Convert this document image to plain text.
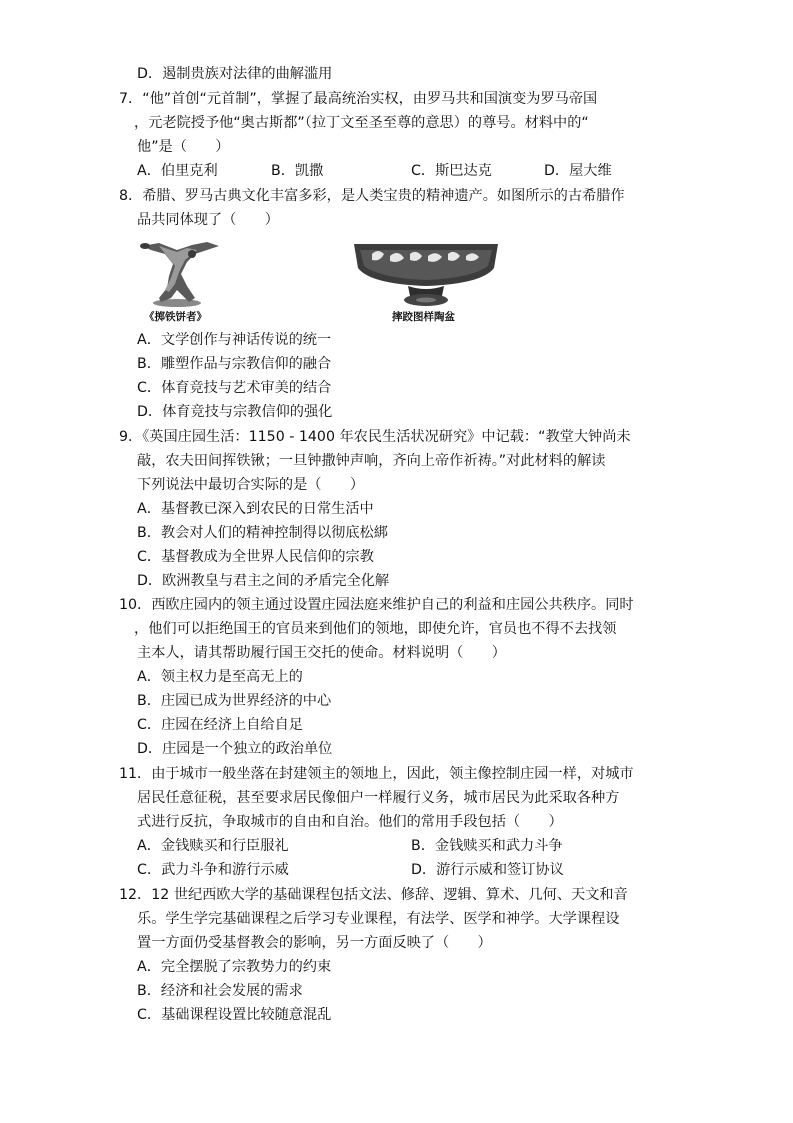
D．遏制贵族对法律的曲解滥用
7．“他”首创“元首制”，掌握了最高统治实权，由罗马共和国演变为罗马帝国
，元老院授予他“奥古斯都”（拉丁文至圣至尊的意思）的尊号。材料中的“
他”是（　　）
A．伯里克利	B．凯撒	C．斯巴达克	D．屋大维
8．希腊、罗马古典文化丰富多彩，是人类宝贵的精神遗产。如图所示的古希腊作
品共同体现了（　　）
《掷铁饼者》	摔跤图样陶盆
A．文学创作与神话传说的统一
B．雕塑作品与宗教信仰的融合
C．体育竞技与艺术审美的结合
D．体育竞技与宗教信仰的强化
9．《英国庄园生活：1150 - 1400 年农民生活状况研究》中记载：“教堂大钟尚未
敲，农夫田间挥铁锹；一旦钟撒钟声响，齐向上帝作祈祷。”对此材料的解读
下列说法中最切合实际的是（　　）
A．基督教已深入到农民的日常生活中
B．教会对人们的精神控制得以彻底松綁
C．基督教成为全世界人民信仰的宗教
D．欧洲教皇与君主之间的矛盾完全化解
10．西欧庄园内的领主通过设置庄园法庭来维护自己的利益和庄园公共秩序。同时
，他们可以拒绝国王的官员来到他们的领地，即使允许，官员也不得不去找领
主本人，请其帮助履行国王交托的使命。材料说明（　　）
A．领主权力是至高无上的
B．庄园已成为世界经济的中心
C．庄园在经济上自给自足
D．庄园是一个独立的政治单位
11．由于城市一般坐落在封建领主的领地上，因此，领主像控制庄园一样，对城市
居民任意征税，甚至要求居民像佃户一样履行义务，城市居民为此采取各种方
式进行反抗，争取城市的自由和自治。他们的常用手段包括（　　）
A．金钱赎买和行臣服礼	B．金钱赎买和武力斗争
C．武力斗争和游行示威	D．游行示威和签订协议
12．12 世纪西欧大学的基础课程包括文法、修辞、逻辑、算术、几何、天文和音
乐。学生学完基础课程之后学习专业课程，有法学、医学和神学。大学课程设
置一方面仍受基督教会的影响，另一方面反映了（　　）
A．完全摆脱了宗教势力的约束
B．经济和社会发展的需求
C．基础课程设置比较随意混乱
